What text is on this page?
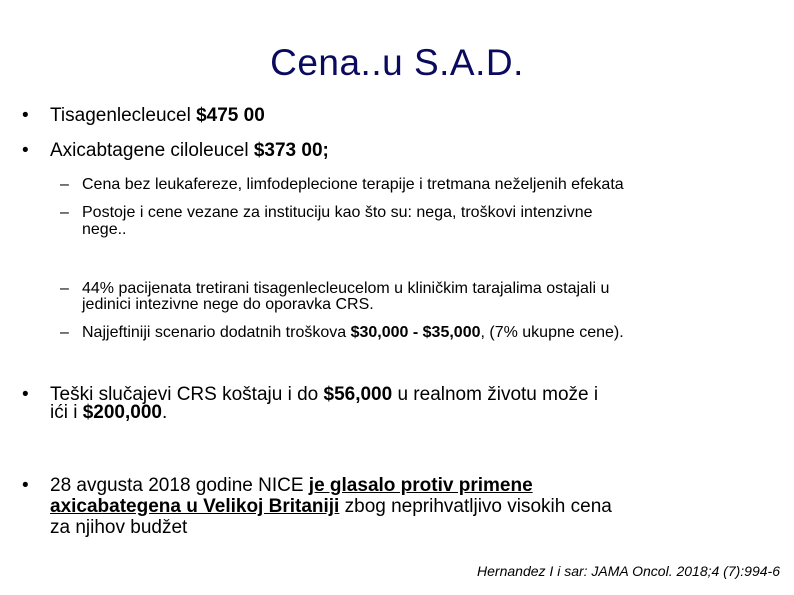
Cena..u S.A.D.
• Tisagenlecleucel $475 00
• Axicabtagene ciloleucel $373 00;
– Cena bez leukafereze, limfodeplecione terapije i tretmana neželjenih efekata
– Postoje i cene vezane za instituciju kao što su: nega, troškovi intenzivne
nege..
– 44% pacijenata tretirani tisagenlecleucelom u kliničkim tarajalima ostajali u
jedinici intezivne nege do oporavka CRS.
– Najjeftiniji scenario dodatnih troškova $30,000 - $35,000, (7% ukupne cene).
• Teški slučajevi CRS koštaju i do $56,000 u realnom životu može i
ići i $200,000.
• 28 avgusta 2018 godine NICE je glasalo protiv primene
axicabategena u Velikoj Britaniji zbog neprihvatljivo visokih cena
za njihov budžet
Hernandez I i sar: JAMA Oncol. 2018;4 (7):994-6
